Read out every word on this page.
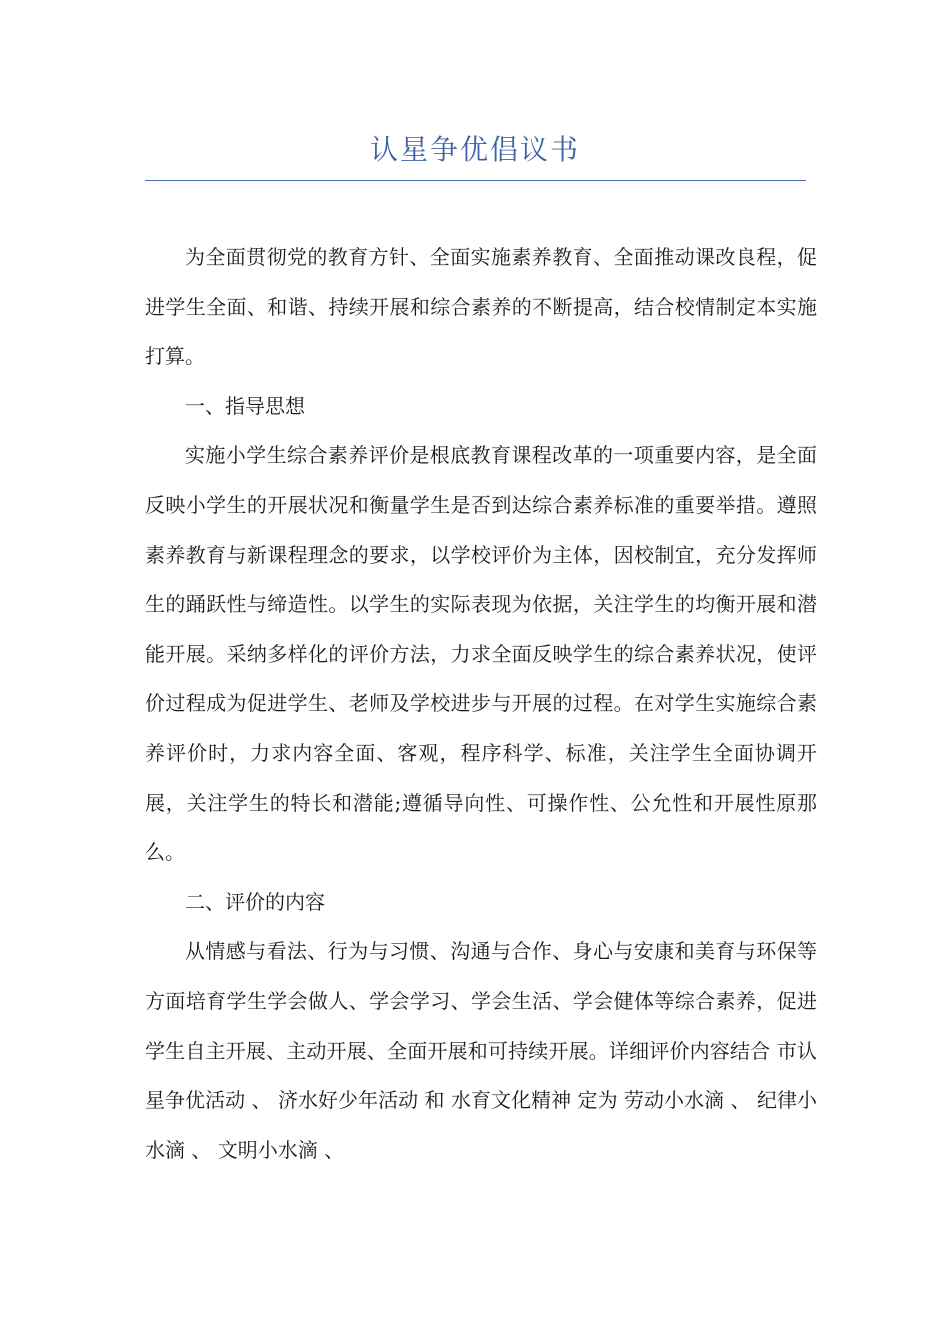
认星争优倡议书

为全面贯彻党的教育方针、全面实施素养教育、全面推动课改良程，促进学生全面、和谐、持续开展和综合素养的不断提高，结合校情制定本实施打算。

一、指导思想

实施小学生综合素养评价是根底教育课程改革的一项重要内容，是全面反映小学生的开展状况和衡量学生是否到达综合素养标准的重要举措。遵照素养教育与新课程理念的要求，以学校评价为主体，因校制宜，充分发挥师生的踊跃性与缔造性。以学生的实际表现为依据，关注学生的均衡开展和潜能开展。采纳多样化的评价方法，力求全面反映学生的综合素养状况，使评价过程成为促进学生、老师及学校进步与开展的过程。在对学生实施综合素养评价时，力求内容全面、客观，程序科学、标准，关注学生全面协调开展，关注学生的特长和潜能;遵循导向性、可操作性、公允性和开展性原那么。

二、评价的内容

从情感与看法、行为与习惯、沟通与合作、身心与安康和美育与环保等方面培育学生学会做人、学会学习、学会生活、学会健体等综合素养，促进学生自主开展、主动开展、全面开展和可持续开展。详细评价内容结合 市认星争优活动 、 济水好少年活动 和 水育文化精神 定为 劳动小水滴 、 纪律小水滴 、 文明小水滴 、
